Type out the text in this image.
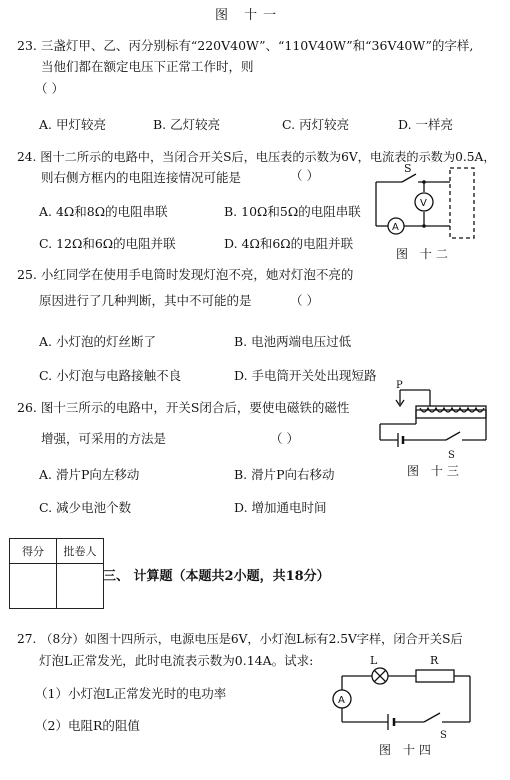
图 十一
23. 三盏灯甲、乙、丙分别标有“220V40W”、“110V40W”和“36V40W”的字样,
当他们都在额定电压下正常工作时，则
（ ）
A. 甲灯较亮	B. 乙灯较亮	C. 丙灯较亮	D. 一样亮
24. 图十二所示的电路中，当闭合开关S后，电压表的示数为6V，电流表的示数为0.5A，
则右侧方框内的电阻连接情况可能是	（ ）
A. 4Ω和8Ω的电阻串联	B. 10Ω和5Ω的电阻串联
C. 12Ω和6Ω的电阻并联	D. 4Ω和6Ω的电阻并联
S
A
V
图 十二
25. 小红同学在使用手电筒时发现灯泡不亮，她对灯泡不亮的
原因进行了几种判断，其中不可能的是	（ ）
A. 小灯泡的灯丝断了	B. 电池两端电压过低
C. 小灯泡与电路接触不良	D. 手电筒开关处出现短路
26. 图十三所示的电路中，开关S闭合后，要使电磁铁的磁性
增强，可采用的方法是	（ ）
A. 滑片P向左移动	B. 滑片P向右移动
C. 减少电池个数	D. 增加通电时间
P
S
图 十三
得分	批卷人

三、 计算题（本题共2小题，共18分）
27. （8分）如图十四所示，电源电压是6V，小灯泡L标有2.5V字样，闭合开关S后
灯泡L正常发光，此时电流表示数为0.14A。试求:
（1）小灯泡L正常发光时的电功率
（2）电阻R的阻值
L	R
A
S
图 十四
